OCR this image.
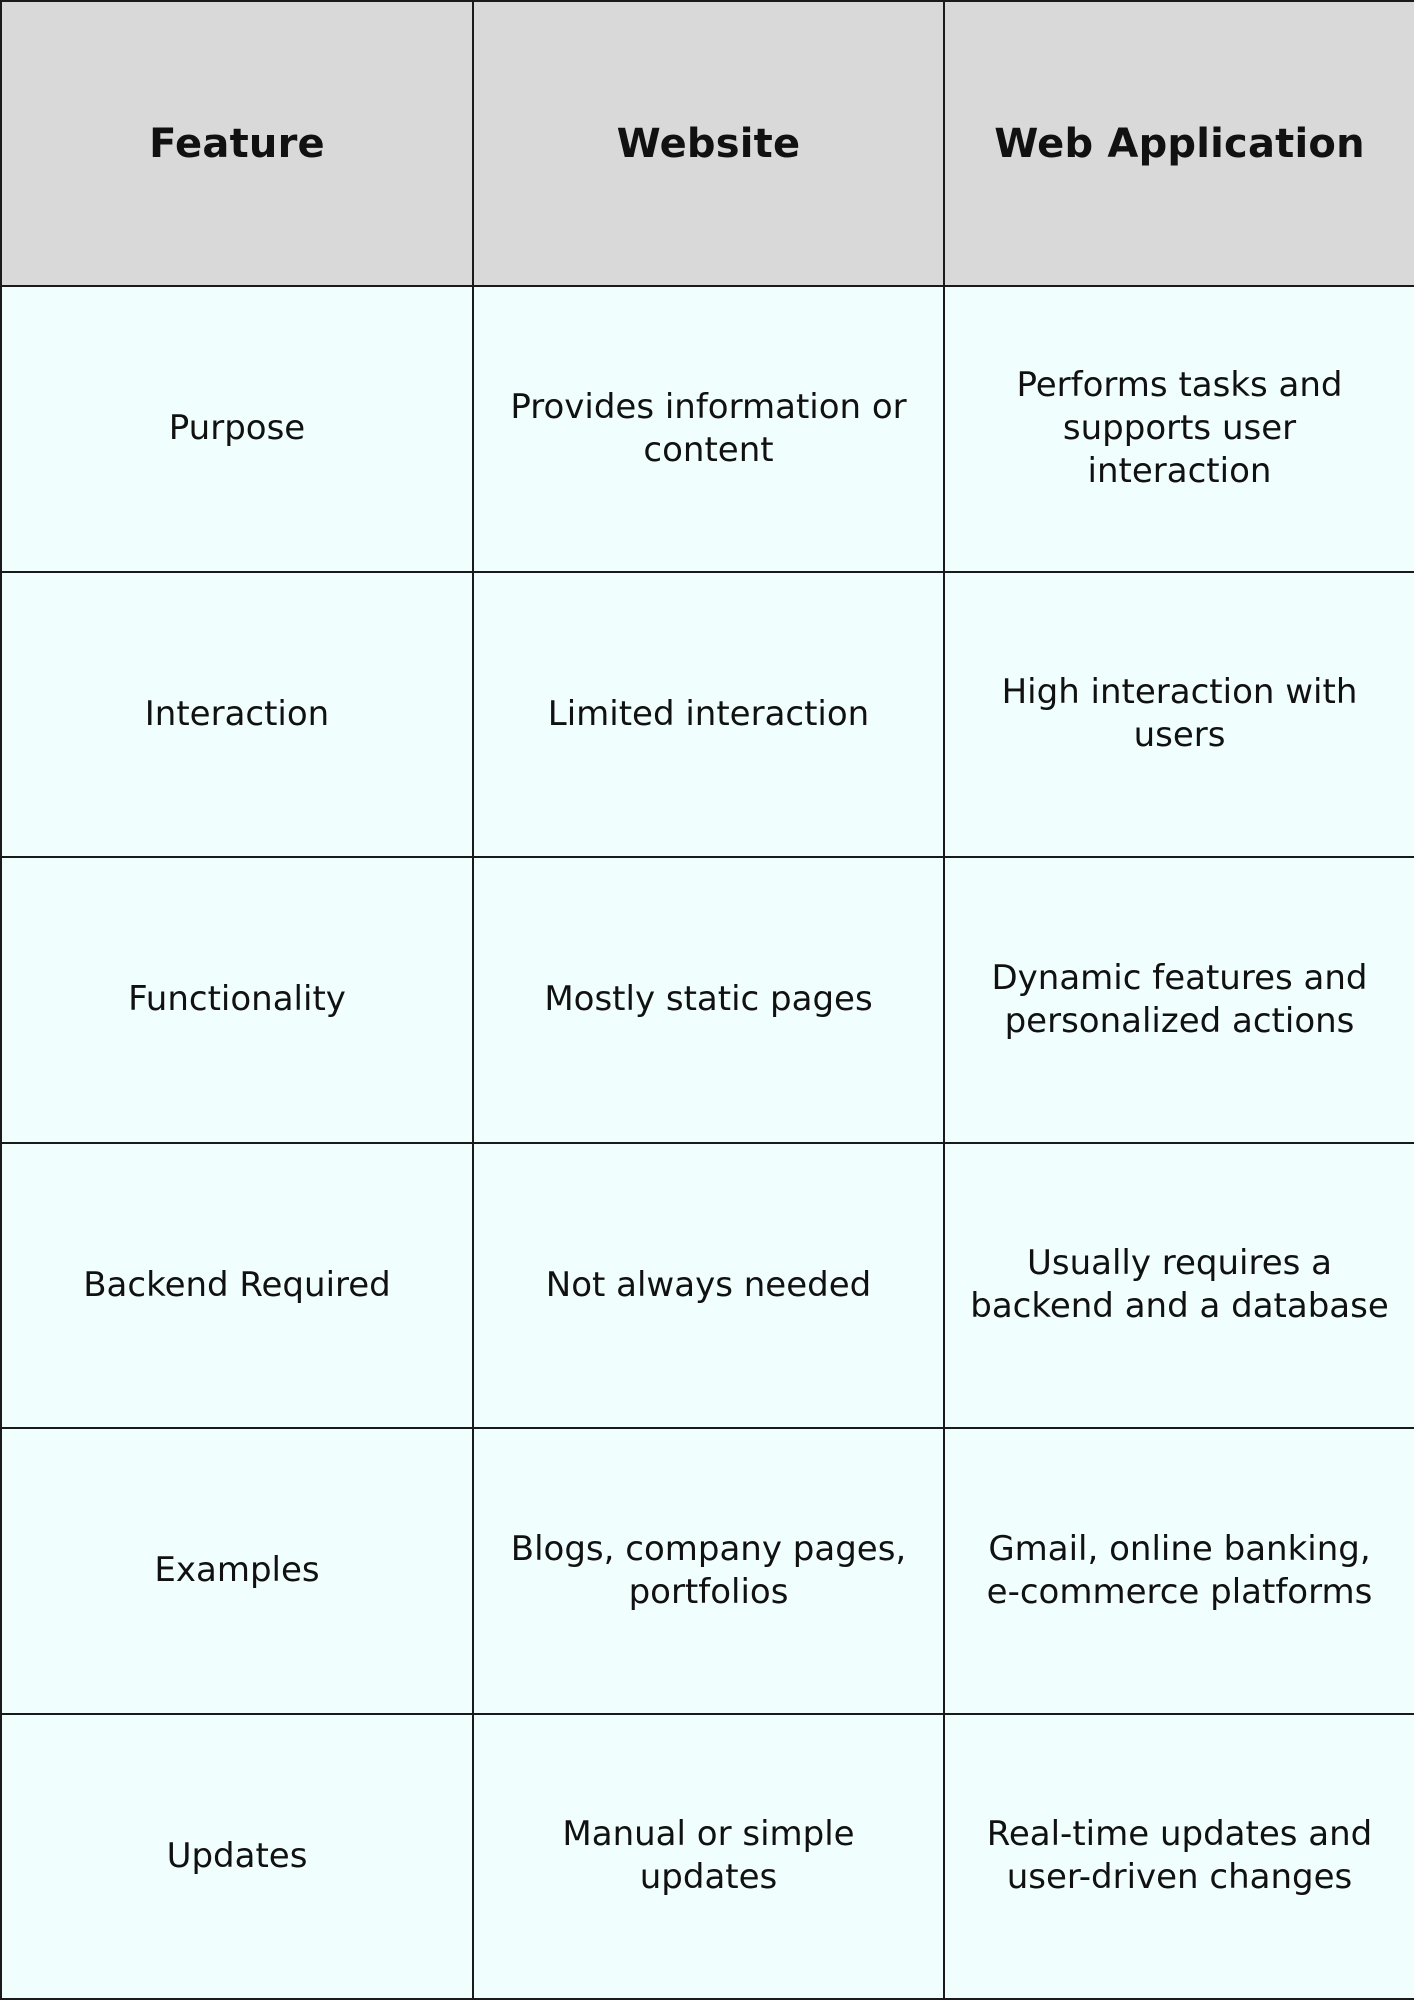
Feature	Website	Web Application
Purpose	Provides information or content	Performs tasks and supports user interaction
Interaction	Limited interaction	High interaction with users
Functionality	Mostly static pages	Dynamic features and personalized actions
Backend Required	Not always needed	Usually requires a backend and a database
Examples	Blogs, company pages, portfolios	Gmail, online banking, e-commerce platforms
Updates	Manual or simple updates	Real-time updates and user-driven changes
